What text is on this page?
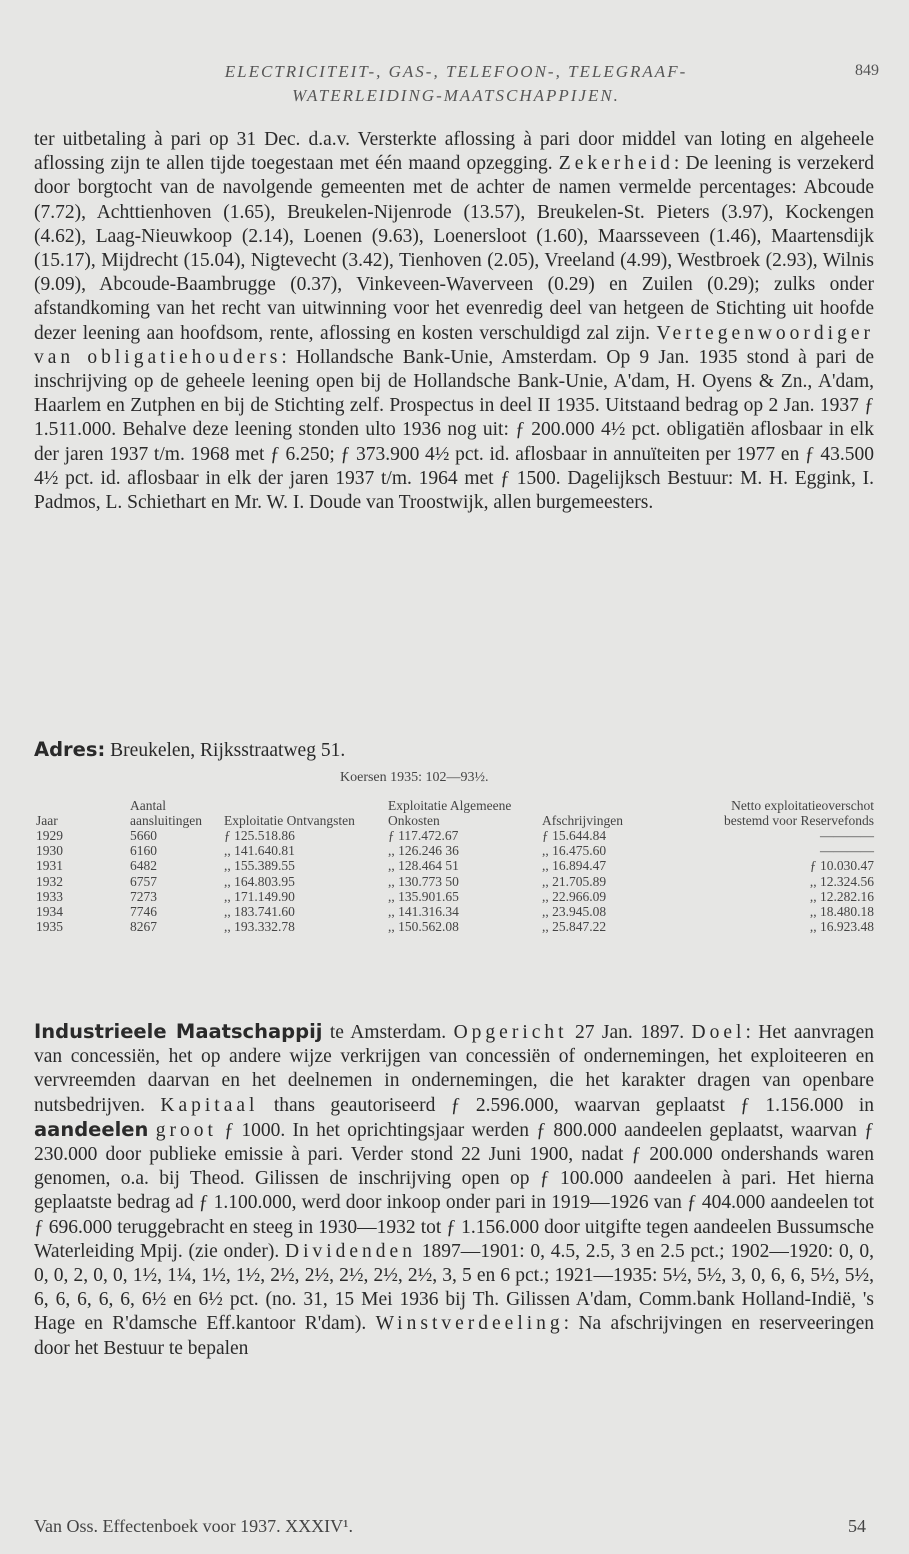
ELECTRICITEIT-, GAS-, TELEFOON-, TELEGRAAF-
WATERLEIDING-MAATSCHAPPIJEN.
849

ter uitbetaling à pari op 31 Dec. d.a.v. Versterkte aflossing à pari door middel van loting en algeheele aflossing zijn te allen tijde toegestaan met één maand opzegging. Zekerheid: De leening is verzekerd door borgtocht van de navolgende gemeenten met de achter de namen vermelde percentages: Abcoude (7.72), Achttienhoven (1.65), Breukelen-Nijenrode (13.57), Breukelen-St. Pieters (3.97), Kockengen (4.62), Laag-Nieuwkoop (2.14), Loenen (9.63), Loenersloot (1.60), Maarsseveen (1.46), Maartensdijk (15.17), Mijdrecht (15.04), Nigtevecht (3.42), Tienhoven (2.05), Vreeland (4.99), Westbroek (2.93), Wilnis (9.09), Abcoude-Baambrugge (0.37), Vinkeveen-Waverveen (0.29) en Zuilen (0.29); zulks onder afstandkoming van het recht van uitwinning voor het evenredig deel van hetgeen de Stichting uit hoofde dezer leening aan hoofdsom, rente, aflossing en kosten verschuldigd zal zijn. Vertegenwoordiger van obligatiehouders: Hollandsche Bank-Unie, Amsterdam. Op 9 Jan. 1935 stond à pari de inschrijving op de geheele leening open bij de Hollandsche Bank-Unie, A'dam, H. Oyens & Zn., A'dam, Haarlem en Zutphen en bij de Stichting zelf. Prospectus in deel II 1935. Uitstaand bedrag op 2 Jan. 1937 ƒ 1.511.000. Behalve deze leening stonden ulto 1936 nog uit: ƒ 200.000 4½ pct. obligatiën aflosbaar in elk der jaren 1937 t/m. 1968 met ƒ 6.250; ƒ 373.900 4½ pct. id. aflosbaar in annuïteiten per 1977 en ƒ 43.500 4½ pct. id. aflosbaar in elk der jaren 1937 t/m. 1964 met ƒ 1500. Dagelijksch Bestuur: M. H. Eggink, I. Padmos, L. Schiethart en Mr. W. I. Doude van Troostwijk, allen burgemeesters.

Adres: Breukelen, Rijksstraatweg 51.
Koersen 1935: 102—93½.
Jaar	Aantal aansluitingen	Exploitatie Ontvangsten	Exploitatie Algemeene Onkosten	Afschrijvingen	Netto exploitatieoverschot bestemd voor Reservefonds
1929	5660	ƒ 125.518.86	ƒ 117.472.67	ƒ 15.644.84	————
1930	6160	,, 141.640.81	,, 126.246 36	,, 16.475.60	————
1931	6482	,, 155.389.55	,, 128.464 51	,, 16.894.47	ƒ 10.030.47
1932	6757	,, 164.803.95	,, 130.773 50	,, 21.705.89	,, 12.324.56
1933	7273	,, 171.149.90	,, 135.901.65	,, 22.966.09	,, 12.282.16
1934	7746	,, 183.741.60	,, 141.316.34	,, 23.945.08	,, 18.480.18
1935	8267	,, 193.332.78	,, 150.562.08	,, 25.847.22	,, 16.923.48

Industrieele Maatschappij te Amsterdam. Opgericht 27 Jan. 1897. Doel: Het aanvragen van concessiën, het op andere wijze verkrijgen van concessiën of ondernemingen, het exploiteeren en vervreemden daarvan en het deelnemen in ondernemingen, die het karakter dragen van openbare nutsbedrijven. Kapitaal thans geautoriseerd ƒ 2.596.000, waarvan geplaatst ƒ 1.156.000 in aandeelen groot ƒ 1000. In het oprichtingsjaar werden ƒ 800.000 aandeelen geplaatst, waarvan ƒ 230.000 door publieke emissie à pari. Verder stond 22 Juni 1900, nadat ƒ 200.000 ondershands waren genomen, o.a. bij Theod. Gilissen de inschrijving open op ƒ 100.000 aandeelen à pari. Het hierna geplaatste bedrag ad ƒ 1.100.000, werd door inkoop onder pari in 1919—1926 van ƒ 404.000 aandeelen tot ƒ 696.000 teruggebracht en steeg in 1930—1932 tot ƒ 1.156.000 door uitgifte tegen aandeelen Bussumsche Waterleiding Mpij. (zie onder). Dividenden 1897—1901: 0, 4.5, 2.5, 3 en 2.5 pct.; 1902—1920: 0, 0, 0, 0, 2, 0, 0, 1½, 1¼, 1½, 1½, 2½, 2½, 2½, 2½, 2½, 3, 5 en 6 pct.; 1921—1935: 5½, 5½, 3, 0, 6, 6, 5½, 5½, 6, 6, 6, 6, 6, 6½ en 6½ pct. (no. 31, 15 Mei 1936 bij Th. Gilissen A'dam, Comm.bank Holland-Indië, 's Hage en R'damsche Eff.kantoor R'dam). Winstverdeeling: Na afschrijvingen en reserveeringen door het Bestuur te bepalen

Van Oss. Effectenboek voor 1937. XXXIV¹.	54
